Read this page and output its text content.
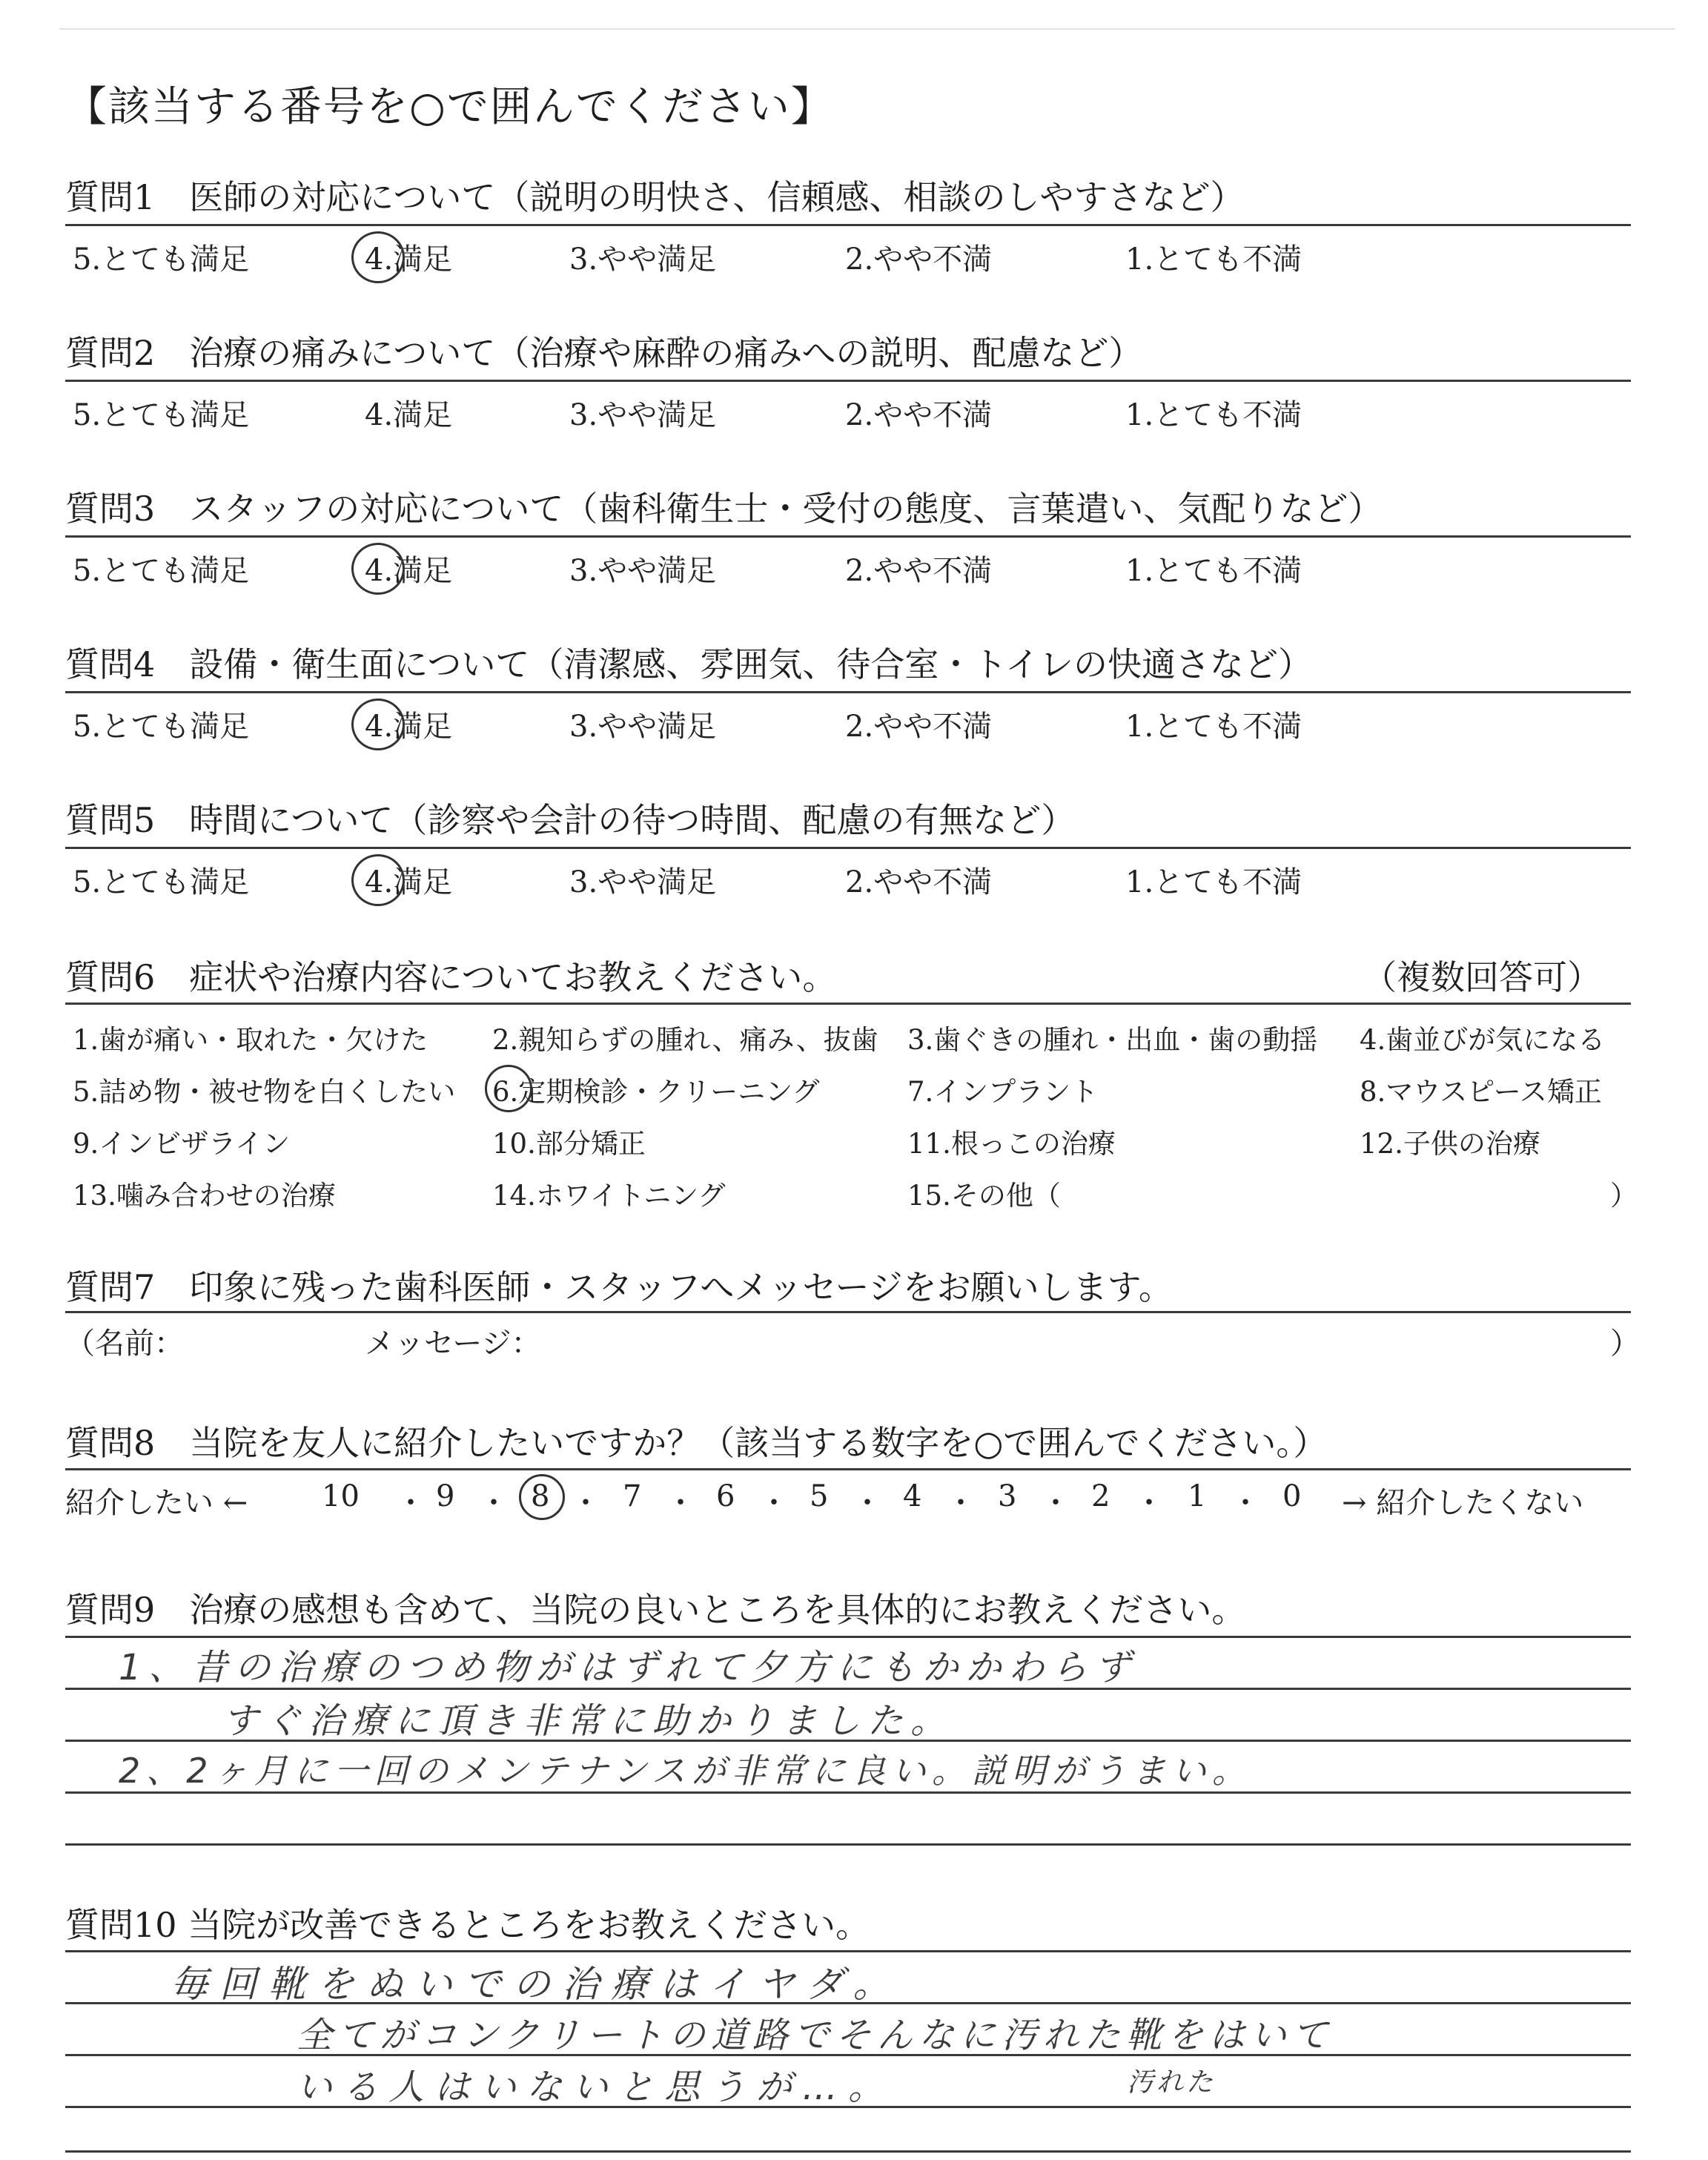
【該当する番号を○で囲んでください】
質問1　医師の対応について（説明の明快さ、信頼感、相談のしやすさなど）
5.とても満足	4.満足	3.やや満足	2.やや不満	1.とても不満
質問2　治療の痛みについて（治療や麻酔の痛みへの説明、配慮など）
5.とても満足	4.満足	3.やや満足	2.やや不満	1.とても不満
質問3　スタッフの対応について（歯科衛生士・受付の態度、言葉遣い、気配りなど）
5.とても満足	4.満足	3.やや満足	2.やや不満	1.とても不満
質問4　設備・衛生面について（清潔感、雰囲気、待合室・トイレの快適さなど）
5.とても満足	4.満足	3.やや満足	2.やや不満	1.とても不満
質問5　時間について（診察や会計の待つ時間、配慮の有無など）
5.とても満足	4.満足	3.やや満足	2.やや不満	1.とても不満
質問6　症状や治療内容についてお教えください。	（複数回答可）
1.歯が痛い・取れた・欠けた 2.親知らずの腫れ、痛み、抜歯 3.歯ぐきの腫れ・出血・歯の動揺 4.歯並びが気になる
5.詰め物・被せ物を白くしたい 6.定期検診・クリーニング	7.インプラント	8.マウスピース矯正
9.インビザライン	10.部分矯正	11.根っこの治療	12.子供の治療
13.噛み合わせの治療	14.ホワイトニング	15.その他（	）
質問7　印象に残った歯科医師・スタッフへメッセージをお願いします。
（名前：	メッセージ：	）
質問8　当院を友人に紹介したいですか？（該当する数字を○で囲んでください。）
紹介したい ← 10 ・ 9 ・ 8 ・ 7 ・ 6 ・ 5 ・ 4 ・ 3 ・ 2 ・ 1 ・ 0 → 紹介したくない
質問9　治療の感想も含めて、当院の良いところを具体的にお教えください。
1、昔の治療のつめ物がはずれて夕方にもかかわらず
すぐ治療に頂き非常に助かりました。
2、2ヶ月に一回のメンテナンスが非常に良い。説明がうまい。
質問10 当院が改善できるところをお教えください。
毎回靴をぬいでの治療はイヤダ。
全てがコンクリートの道路でそんなに汚れた靴をはいて
いる人はいないと思うが…。	汚れた
